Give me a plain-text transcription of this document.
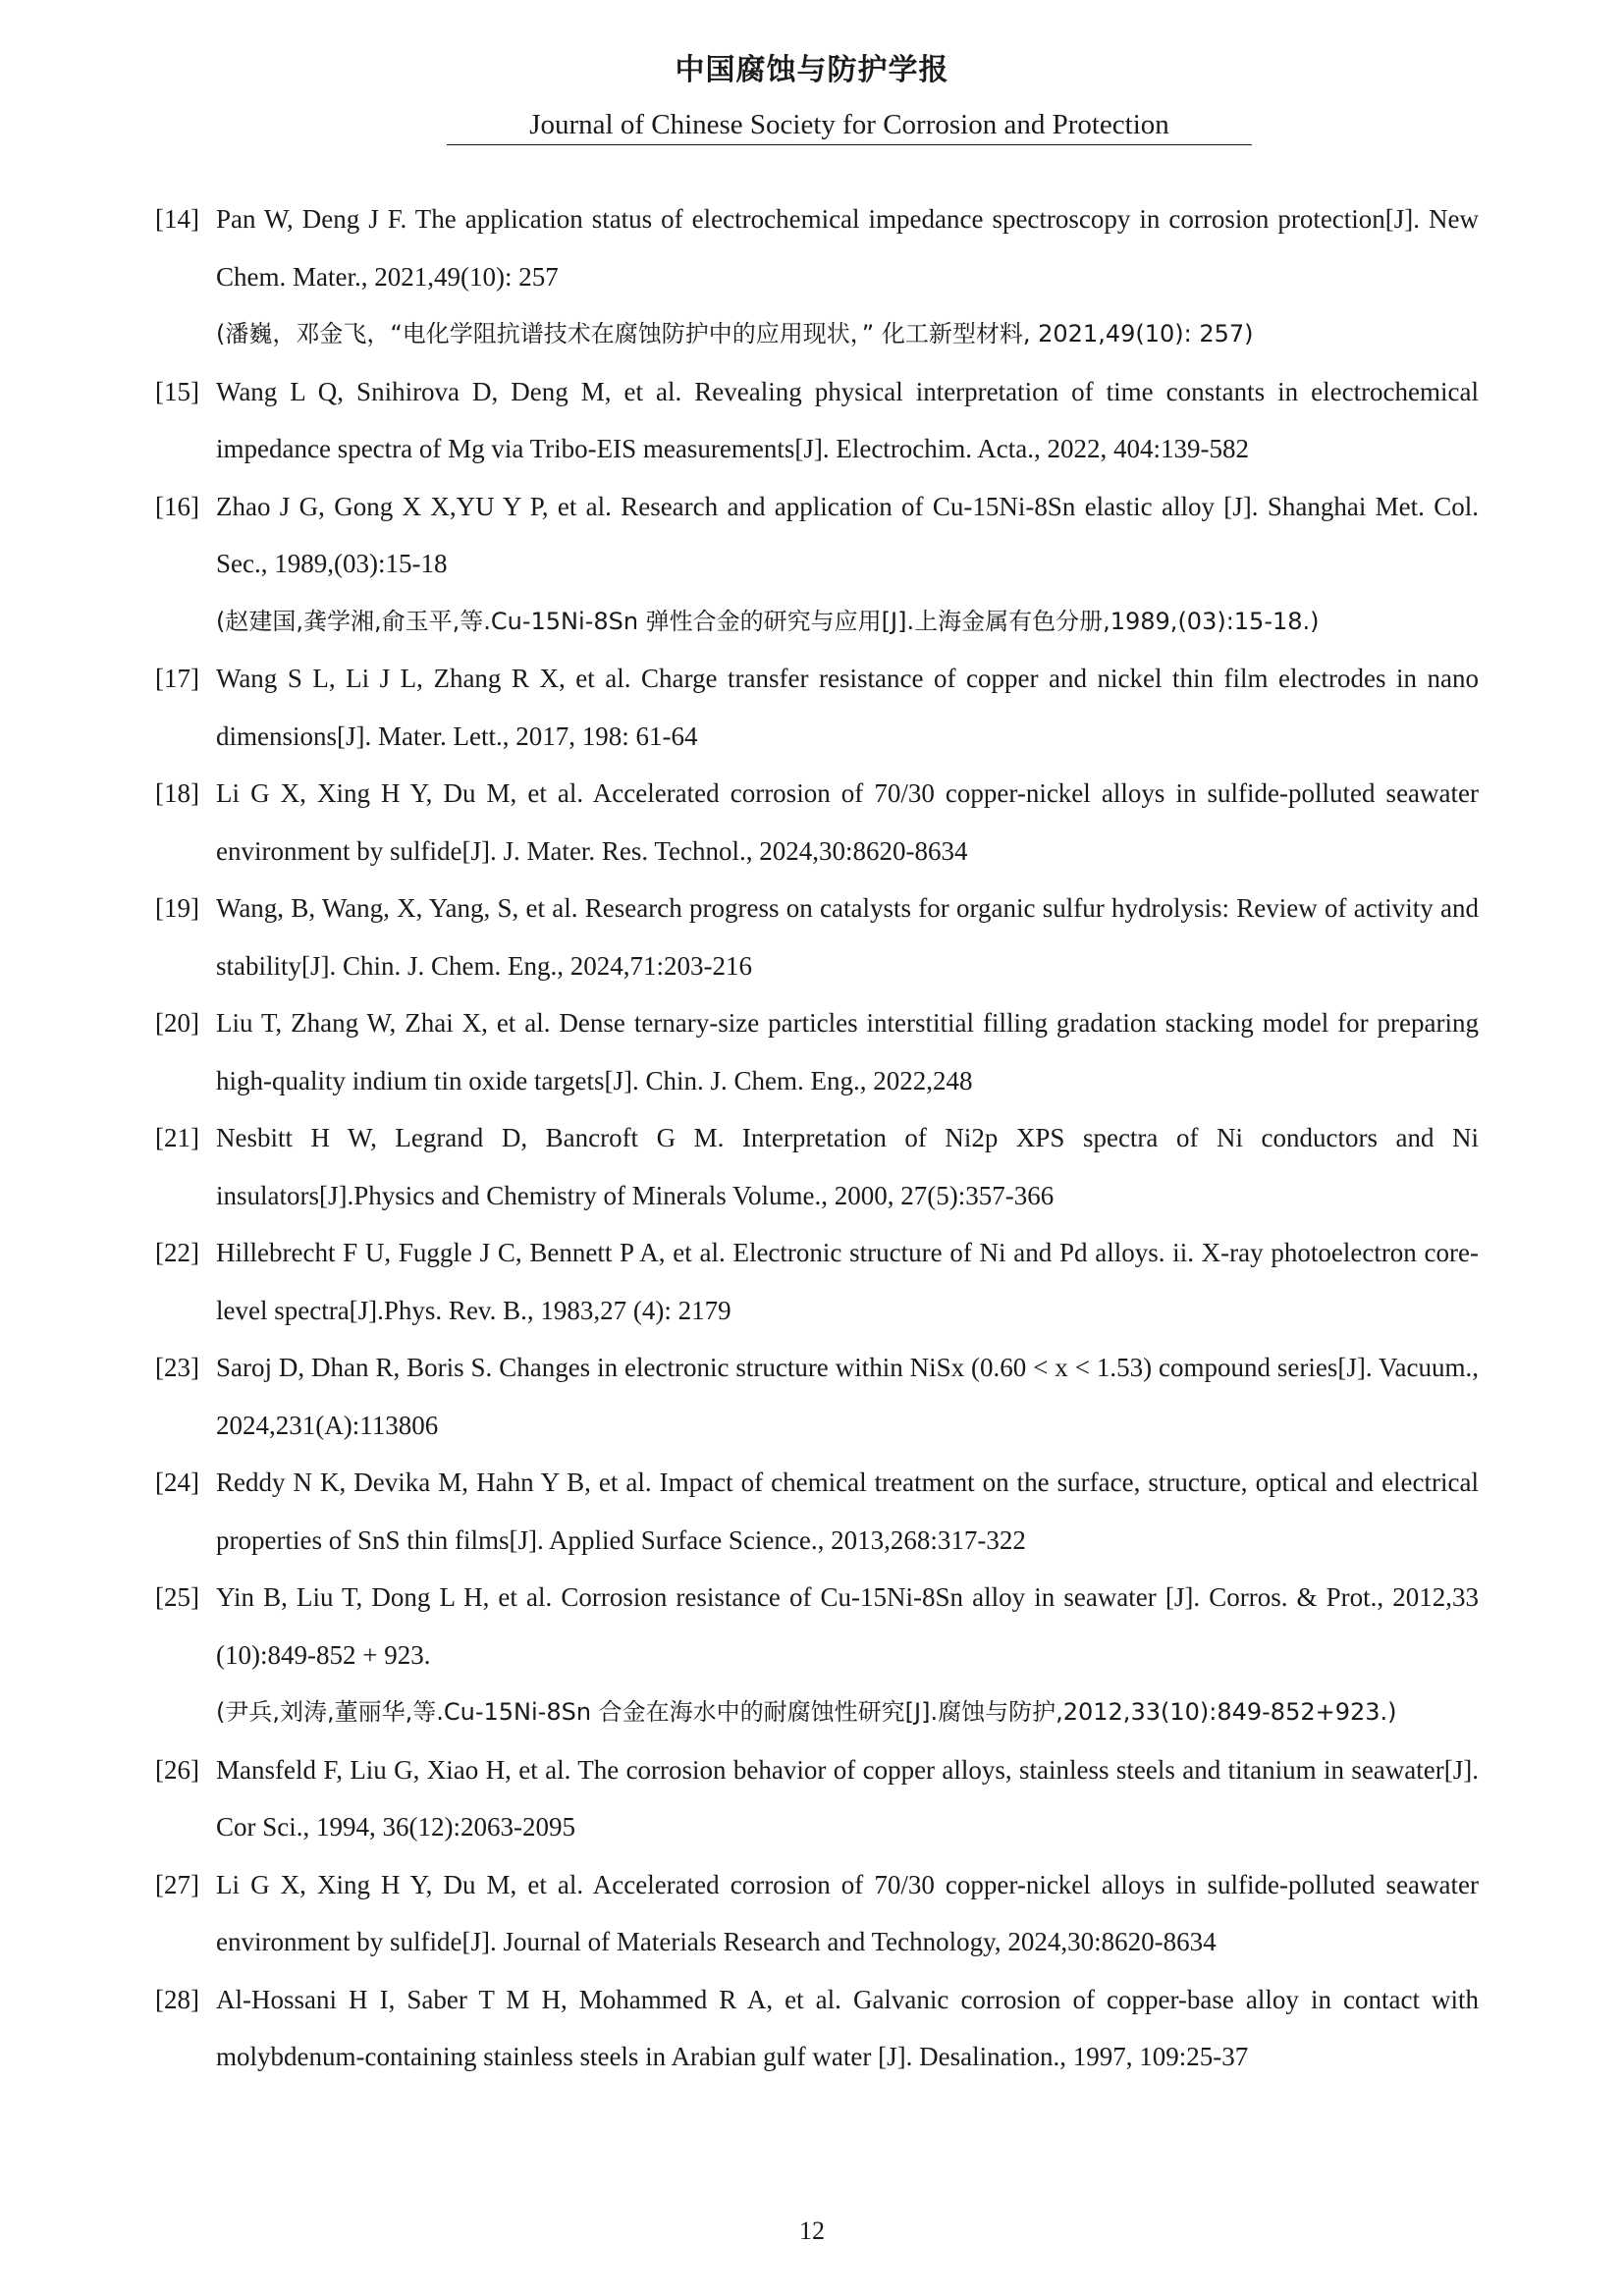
中国腐蚀与防护学报
Journal of Chinese Society for Corrosion and Protection
[14] Pan W, Deng J F. The application status of electrochemical impedance spectroscopy in corrosion protection[J]. New Chem. Mater., 2021,49(10): 257
(潘巍，邓金飞，“电化学阻抗谱技术在腐蚀防护中的应用现状，” 化工新型材料, 2021,49(10): 257)
[15] Wang L Q, Snihirova D, Deng M, et al. Revealing physical interpretation of time constants in electrochemical impedance spectra of Mg via Tribo-EIS measurements[J]. Electrochim. Acta., 2022, 404:139-582
[16] Zhao J G, Gong X X,YU Y P, et al. Research and application of Cu-15Ni-8Sn elastic alloy [J]. Shanghai Met. Col. Sec., 1989,(03):15-18
(赵建国,龚学湘,俞玉平,等.Cu-15Ni-8Sn 弹性合金的研究与应用[J].上海金属有色分册,1989,(03):15-18.)
[17] Wang S L, Li J L, Zhang R X, et al. Charge transfer resistance of copper and nickel thin film electrodes in nano dimensions[J]. Mater. Lett., 2017, 198: 61-64
[18] Li G X, Xing H Y, Du M, et al. Accelerated corrosion of 70/30 copper-nickel alloys in sulfide-polluted seawater environment by sulfide[J]. J. Mater. Res. Technol., 2024,30:8620-8634
[19] Wang, B, Wang, X, Yang, S, et al. Research progress on catalysts for organic sulfur hydrolysis: Review of activity and stability[J]. Chin. J. Chem. Eng., 2024,71:203-216
[20] Liu T, Zhang W, Zhai X, et al. Dense ternary-size particles interstitial filling gradation stacking model for preparing high-quality indium tin oxide targets[J]. Chin. J. Chem. Eng., 2022,248
[21] Nesbitt H W, Legrand D, Bancroft G M. Interpretation of Ni2p XPS spectra of Ni conductors and Ni insulators[J].Physics and Chemistry of Minerals Volume., 2000, 27(5):357-366
[22] Hillebrecht F U, Fuggle J C, Bennett P A, et al. Electronic structure of Ni and Pd alloys. ii. X-ray photoelectron core-level spectra[J].Phys. Rev. B., 1983,27 (4): 2179
[23] Saroj D, Dhan R, Boris S. Changes in electronic structure within NiSx (0.60 < x < 1.53) compound series[J]. Vacuum., 2024,231(A):113806
[24] Reddy N K, Devika M, Hahn Y B, et al. Impact of chemical treatment on the surface, structure, optical and electrical properties of SnS thin films[J]. Applied Surface Science., 2013,268:317-322
[25] Yin B, Liu T, Dong L H, et al. Corrosion resistance of Cu-15Ni-8Sn alloy in seawater [J]. Corros. & Prot., 2012,33 (10):849-852 + 923.
(尹兵,刘涛,董丽华,等.Cu-15Ni-8Sn 合金在海水中的耐腐蚀性研究[J].腐蚀与防护,2012,33(10):849-852+923.)
[26] Mansfeld F, Liu G, Xiao H, et al. The corrosion behavior of copper alloys, stainless steels and titanium in seawater[J]. Cor Sci., 1994, 36(12):2063-2095
[27] Li G X, Xing H Y, Du M, et al. Accelerated corrosion of 70/30 copper-nickel alloys in sulfide-polluted seawater environment by sulfide[J]. Journal of Materials Research and Technology, 2024,30:8620-8634
[28] Al-Hossani H I, Saber T M H, Mohammed R A, et al. Galvanic corrosion of copper-base alloy in contact with molybdenum-containing stainless steels in Arabian gulf water [J]. Desalination., 1997, 109:25-37
12
